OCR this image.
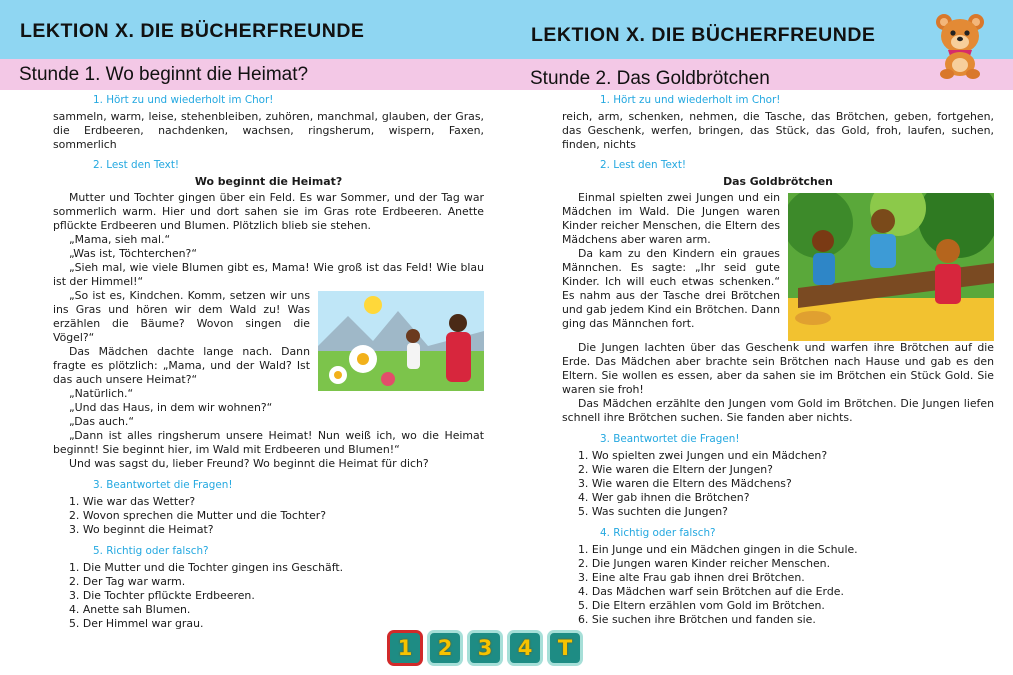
LEKTION X. DIE BÜCHERFREUNDE	LEKTION X. DIE BÜCHERFREUNDE
Stunde 1. Wo beginnt die Heimat?	Stunde 2. Das Goldbrötchen

1. Hört zu und wiederholt im Chor!

sammeln, warm, leise, stehenbleiben, zuhören, manchmal, glauben, der Gras, die Erdbeeren, nachdenken, wachsen, ringsherum, wispern, Faxen, sommerlich

2. Lest den Text!

Wo beginnt die Heimat?

Mutter und Tochter gingen über ein Feld. Es war Sommer, und der Tag war sommerlich warm. Hier und dort sahen sie im Gras rote Erdbeeren. Anette pflückte Erdbeeren und Blumen. Plötzlich blieb sie stehen.

„Mama, sieh mal.“

„Was ist, Töchterchen?“

„Sieh mal, wie viele Blumen gibt es, Mama! Wie groß ist das Feld! Wie blau ist der Himmel!“

„So ist es, Kindchen. Komm, setzen wir uns ins Gras und hören wir dem Wald zu! Was erzählen die Bäume? Wovon singen die Vögel?“

Das Mädchen dachte lange nach. Dann fragte es plötzlich: „Mama, und der Wald? Ist das auch unsere Heimat?“

„Natürlich.“

„Und das Haus, in dem wir wohnen?“

„Das auch.“

„Dann ist alles ringsherum unsere Heimat! Nun weiß ich, wo die Heimat beginnt! Sie beginnt hier, im Wald mit Erdbeeren und Blumen!“

Und was sagst du, lieber Freund? Wo beginnt die Heimat für dich?

3. Beantwortet die Fragen!

1. Wie war das Wetter?
2. Wovon sprechen die Mutter und die Tochter?
3. Wo beginnt die Heimat?

5. Richtig oder falsch?

1. Die Mutter und die Tochter gingen ins Geschäft.
2. Der Tag war warm.
3. Die Tochter pflückte Erdbeeren.
4. Anette sah Blumen.
5. Der Himmel war grau.

1. Hört zu und wiederholt im Chor!

reich, arm, schenken, nehmen, die Tasche, das Brötchen, geben, fortgehen, das Geschenk, werfen, bringen, das Stück, das Gold, froh, laufen, suchen, finden, nichts

2. Lest den Text!

Das Goldbrötchen

Einmal spielten zwei Jungen und ein Mädchen im Wald. Die Jungen waren Kinder reicher Menschen, die Eltern des Mädchens aber waren arm.

Da kam zu den Kindern ein graues Männchen. Es sagte: „Ihr seid gute Kinder. Ich will euch etwas schenken.“ Es nahm aus der Tasche drei Brötchen und gab jedem Kind ein Brötchen. Dann ging das Männchen fort.

Die Jungen lachten über das Geschenk und warfen ihre Brötchen auf die Erde. Das Mädchen aber brachte sein Brötchen nach Hause und gab es den Eltern. Sie wollen es essen, aber da sahen sie im Brötchen ein Stück Gold. Sie waren sie froh!

Das Mädchen erzählte den Jungen vom Gold im Brötchen. Die Jungen liefen schnell ihre Brötchen suchen. Sie fanden aber nichts.

3. Beantwortet die Fragen!

1. Wo spielten zwei Jungen und ein Mädchen?
2. Wie waren die Eltern der Jungen?
3. Wie waren die Eltern des Mädchens?
4. Wer gab ihnen die Brötchen?
5. Was suchten die Jungen?

4. Richtig oder falsch?

1. Ein Junge und ein Mädchen gingen in die Schule.
2. Die Jungen waren Kinder reicher Menschen.
3. Eine alte Frau gab ihnen drei Brötchen.
4. Das Mädchen warf sein Brötchen auf die Erde.
5. Die Eltern erzählen vom Gold im Brötchen.
6. Sie suchen ihre Brötchen und fanden sie.
1	2	3	4	T
